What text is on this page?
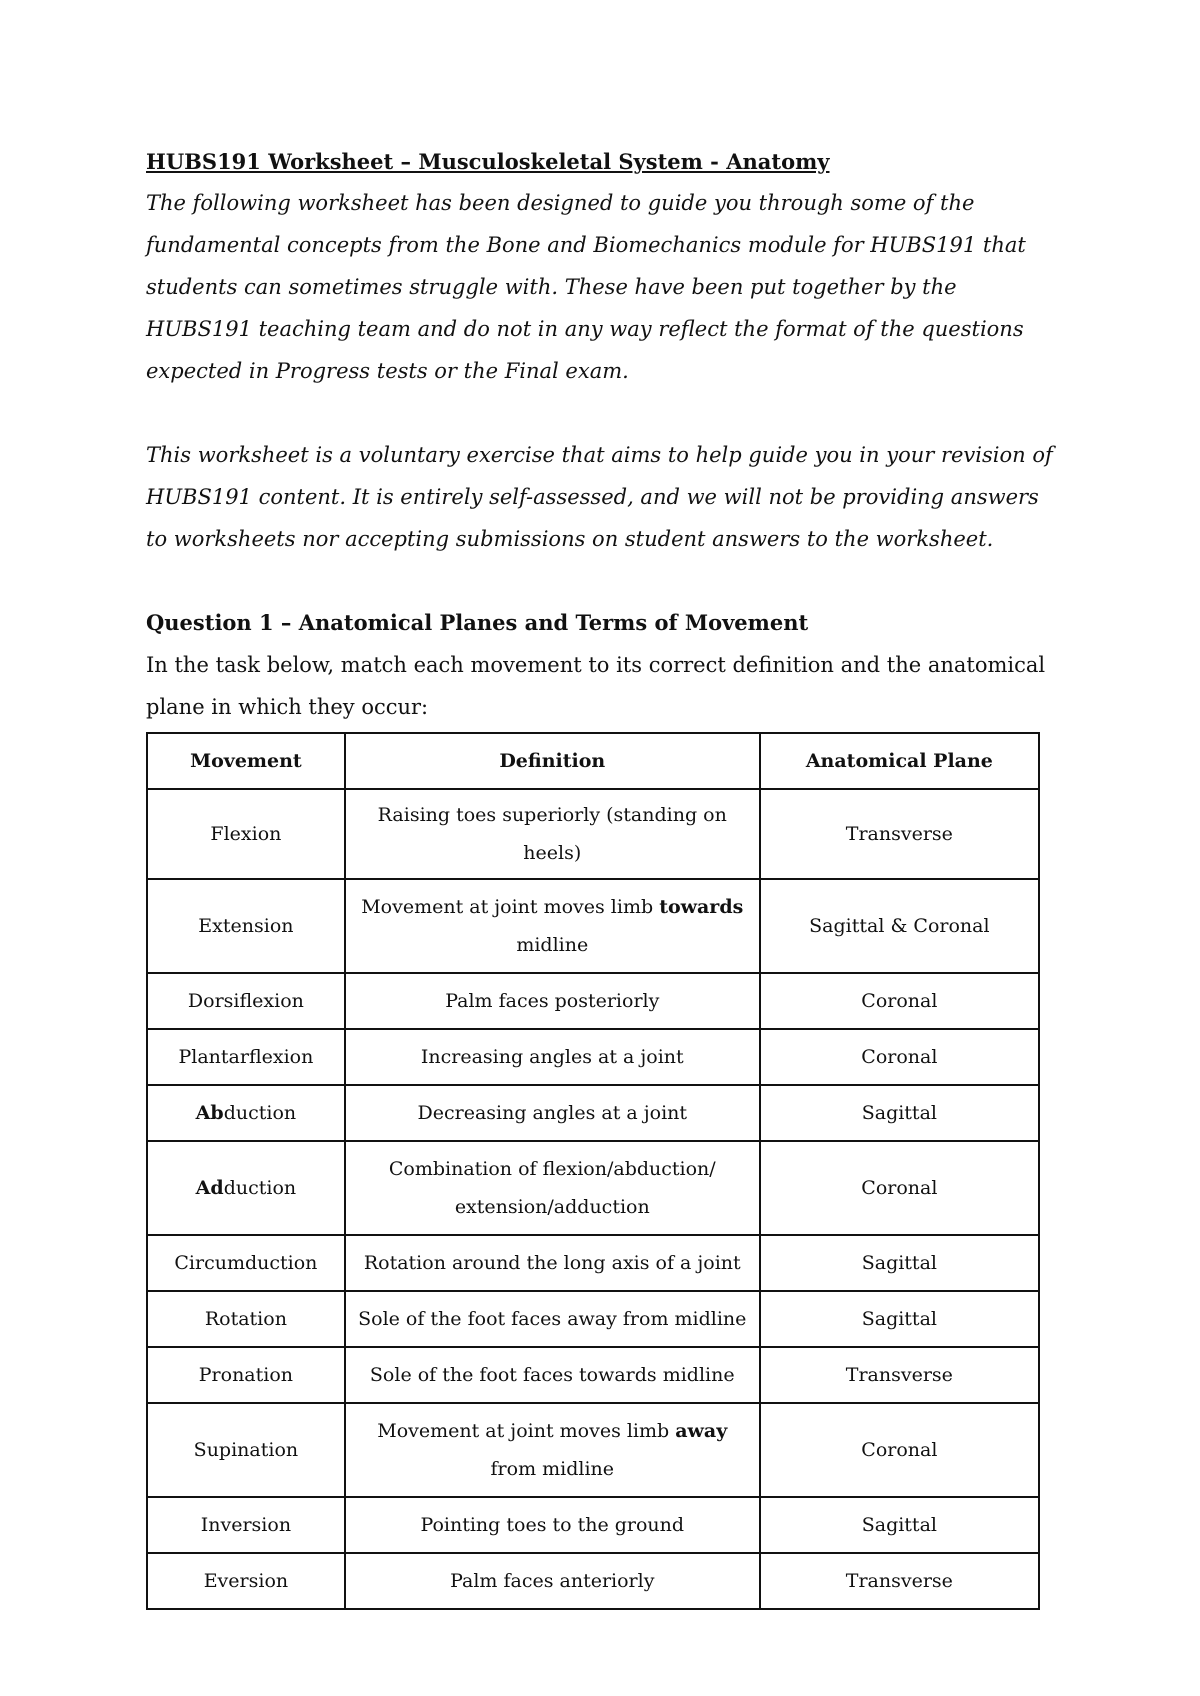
HUBS191 Worksheet – Musculoskeletal System - Anatomy

The following worksheet has been designed to guide you through some of the fundamental concepts from the Bone and Biomechanics module for HUBS191 that students can sometimes struggle with. These have been put together by the HUBS191 teaching team and do not in any way reflect the format of the questions expected in Progress tests or the Final exam.

This worksheet is a voluntary exercise that aims to help guide you in your revision of HUBS191 content. It is entirely self-assessed, and we will not be providing answers to worksheets nor accepting submissions on student answers to the worksheet.

Question 1 – Anatomical Planes and Terms of Movement

In the task below, match each movement to its correct definition and the anatomical plane in which they occur:

Movement	Definition	Anatomical Plane
Flexion	Raising toes superiorly (standing on heels)	Transverse
Extension	Movement at joint moves limb towards midline	Sagittal & Coronal
Dorsiflexion	Palm faces posteriorly	Coronal
Plantarflexion	Increasing angles at a joint	Coronal
Abduction	Decreasing angles at a joint	Sagittal
Adduction	Combination of flexion/abduction/ extension/adduction	Coronal
Circumduction	Rotation around the long axis of a joint	Sagittal
Rotation	Sole of the foot faces away from midline	Sagittal
Pronation	Sole of the foot faces towards midline	Transverse
Supination	Movement at joint moves limb away from midline	Coronal
Inversion	Pointing toes to the ground	Sagittal
Eversion	Palm faces anteriorly	Transverse
